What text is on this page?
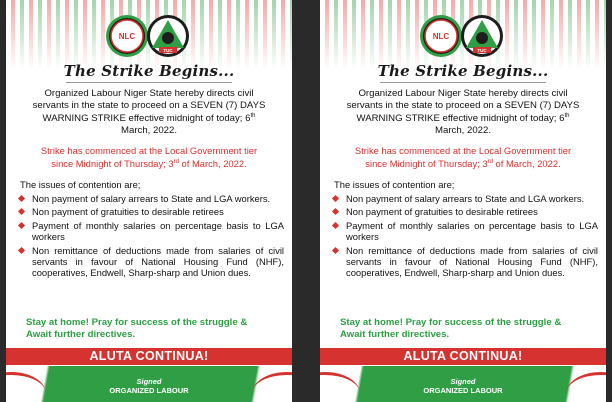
NLC
TUC
The Strike Begins...
Organized Labour Niger State hereby directs civil
servants in the state to proceed on a SEVEN (7) DAYS
WARNING STRIKE effective midnight of today; 6th
March, 2022.
Strike has commenced at the Local Government tier
since Midnight of Thursday; 3rd of March, 2022.
The issues of contention are;
Non payment of salary arrears to State and LGA workers.
Non payment of gratuities to desirable retirees
Payment of monthly salaries on percentage basis to LGA workers
Non remittance of deductions made from salaries of civil servants in favour of National Housing Fund (NHF), cooperatives, Endwell, Sharp-sharp and Union dues.
Stay at home! Pray for success of the struggle &
Await further directives.
ALUTA CONTINUA!
Signed
ORGANIZED LABOUR
NLC
TUC
The Strike Begins...
Organized Labour Niger State hereby directs civil
servants in the state to proceed on a SEVEN (7) DAYS
WARNING STRIKE effective midnight of today; 6th
March, 2022.
Strike has commenced at the Local Government tier
since Midnight of Thursday; 3rd of March, 2022.
The issues of contention are;
Non payment of salary arrears to State and LGA workers.
Non payment of gratuities to desirable retirees
Payment of monthly salaries on percentage basis to LGA workers
Non remittance of deductions made from salaries of civil servants in favour of National Housing Fund (NHF), cooperatives, Endwell, Sharp-sharp and Union dues.
Stay at home! Pray for success of the struggle &
Await further directives.
ALUTA CONTINUA!
Signed
ORGANIZED LABOUR
